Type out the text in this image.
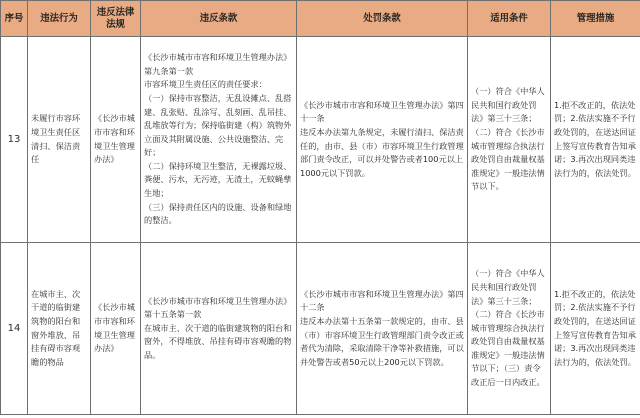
序号	违法行为	违反法律法规	违反条款	处罚条款	适用条件	管理措施
13	未履行市容环境卫生责任区清扫、保洁责任	《长沙市城市市容和环境卫生管理办法》	《长沙市城市市容和环境卫生管理办法》第九条第一款
市容环境卫生责任区的责任要求：
（一）保持市容整洁，无乱设摊点、乱搭建、乱张贴、乱涂写、乱刻画、乱吊挂、乱堆放等行为；保持临街建（构）筑物外立面及其附属设施、公共设施整洁、完好；
（二）保持环境卫生整洁，无裸露垃圾、粪便、污水，无污迹，无渣土，无蚊蝇孳生地；
（三）保持责任区内的设施、设备和绿地的整洁。	《长沙市城市市容和环境卫生管理办法》第四十一条
违反本办法第九条规定，未履行清扫、保洁责任的，由市、县（市）市容环境卫生行政管理部门责令改正，可以并处警告或者100元以上1000元以下罚款。	（一）符合《中华人民共和国行政处罚法》第三十三条；（二）符合《长沙市城市管理综合执法行政处罚自由裁量权基准规定》一般违法情节以下。	1.拒不改正的，依法处罚；2.依法实施不予行政处罚的，在送达回证上签写宣传教育告知承诺；3.再次出现同类违法行为的，依法处罚。
14	在城市主、次干道的临街建筑物的阳台和窗外堆放、吊挂有碍市容观瞻的物品	《长沙市城市市容和环境卫生管理办法》	《长沙市城市市容和环境卫生管理办法》第十五条第一款
在城市主、次干道的临街建筑物的阳台和窗外，不得堆放、吊挂有碍市容观瞻的物品。	《长沙市城市市容和环境卫生管理办法》第四十二条
违反本办法第十五条第一款规定的，由市、县（市）市容环境卫生行政管理部门责令改正或者代为清除，采取清除干净等补救措施，可以并处警告或者50元以上200元以下罚款。	（一）符合《中华人民共和国行政处罚法》第三十三条；（二）符合《长沙市城市管理综合执法行政处罚自由裁量权基准规定》一般违法情节以下；（三）责令改正后一日内改正。	1.拒不改正的，依法处罚；2.依法实施不予行政处罚的，在送达回证上签写宣传教育告知承诺；3.再次出现同类违法行为的，依法处罚。
